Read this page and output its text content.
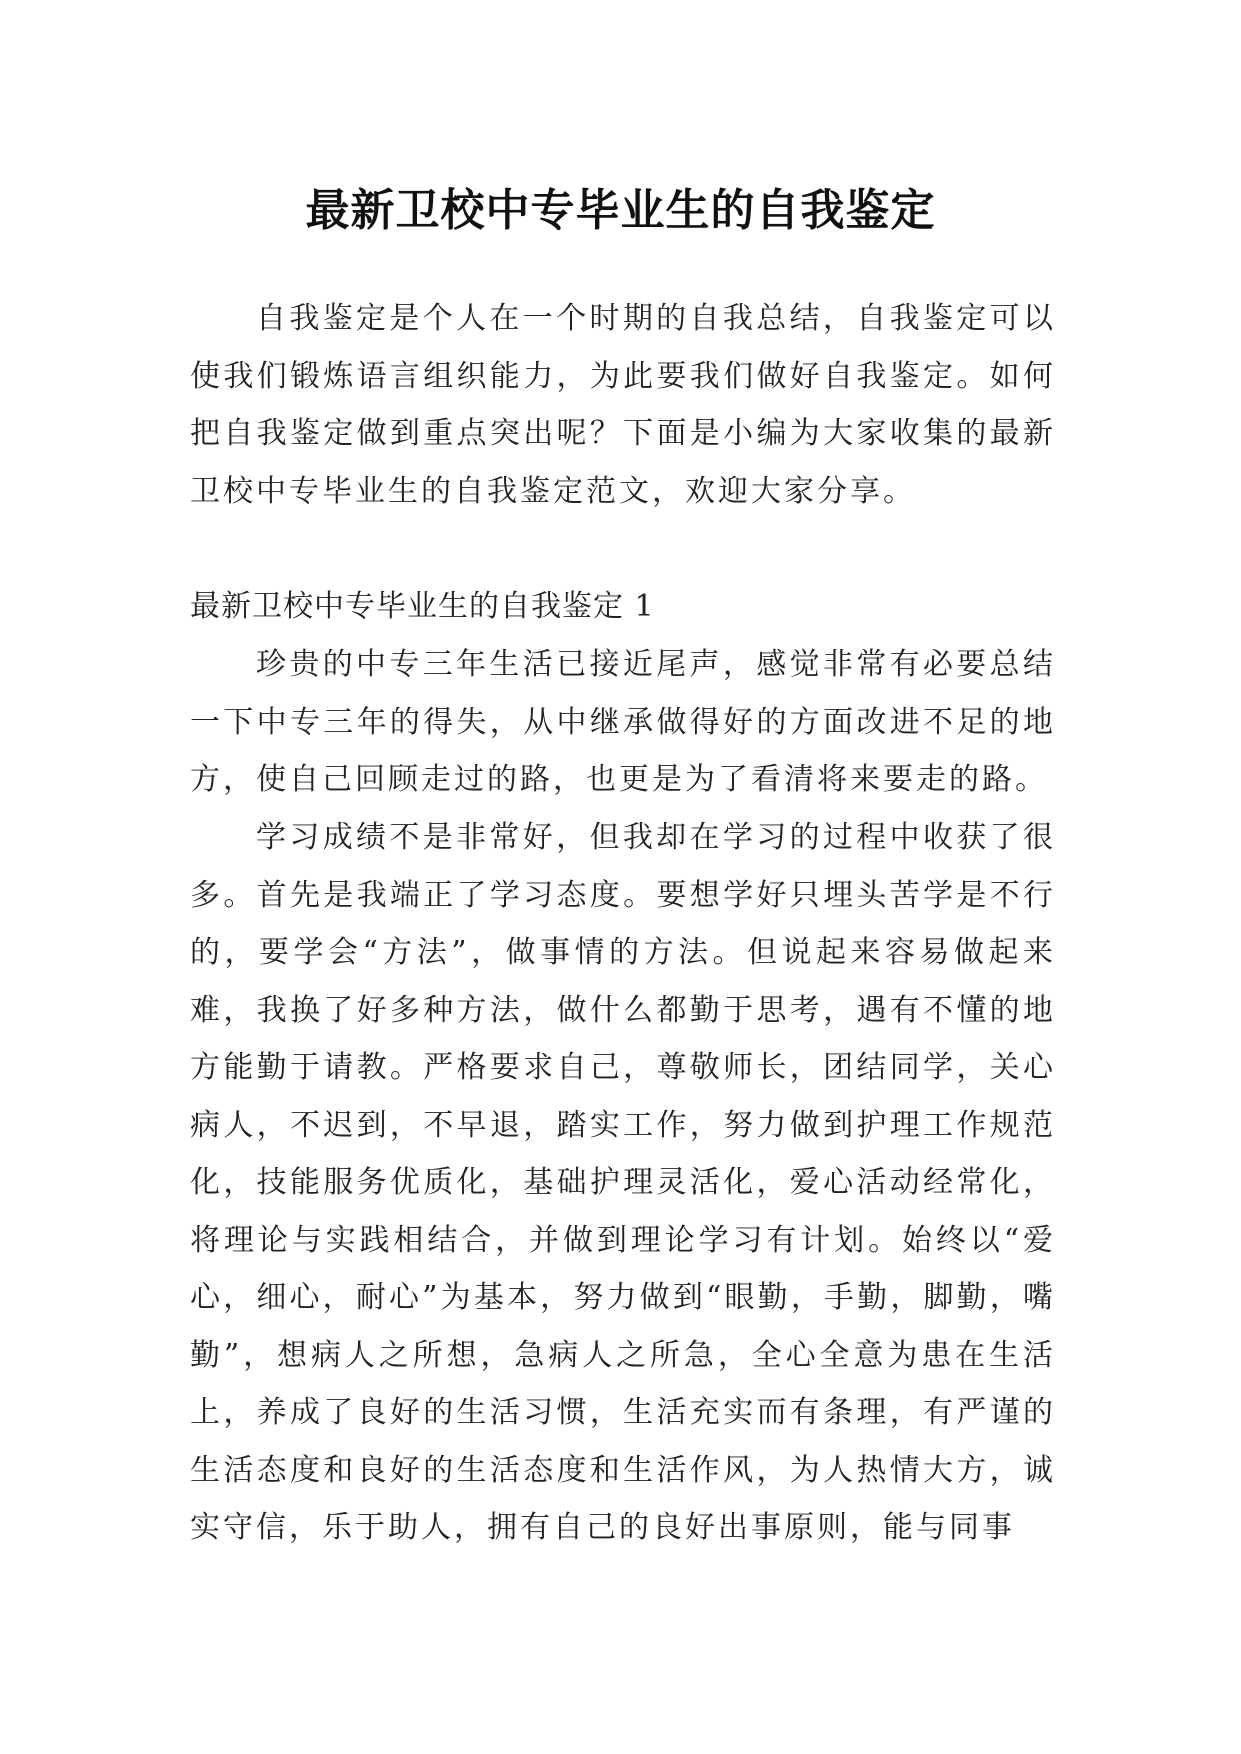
最新卫校中专毕业生的自我鉴定

自我鉴定是个人在一个时期的自我总结，自我鉴定可以使我们锻炼语言组织能力，为此要我们做好自我鉴定。如何把自我鉴定做到重点突出呢？下面是小编为大家收集的最新卫校中专毕业生的自我鉴定范文，欢迎大家分享。

最新卫校中专毕业生的自我鉴定 1

珍贵的中专三年生活已接近尾声，感觉非常有必要总结一下中专三年的得失，从中继承做得好的方面改进不足的地方，使自己回顾走过的路，也更是为了看清将来要走的路。

学习成绩不是非常好，但我却在学习的过程中收获了很多。首先是我端正了学习态度。要想学好只埋头苦学是不行的，要学会“方法”，做事情的方法。但说起来容易做起来难，我换了好多种方法，做什么都勤于思考，遇有不懂的地方能勤于请教。严格要求自己，尊敬师长，团结同学，关心病人，不迟到，不早退，踏实工作，努力做到护理工作规范化，技能服务优质化，基础护理灵活化，爱心活动经常化，将理论与实践相结合，并做到理论学习有计划。始终以“爱心，细心，耐心”为基本，努力做到“眼勤，手勤，脚勤，嘴勤”，想病人之所想，急病人之所急，全心全意为患在生活上，养成了良好的生活习惯，生活充实而有条理，有严谨的生活态度和良好的生活态度和生活作风，为人热情大方，诚实守信，乐于助人，拥有自己的良好出事原则，能与同事
